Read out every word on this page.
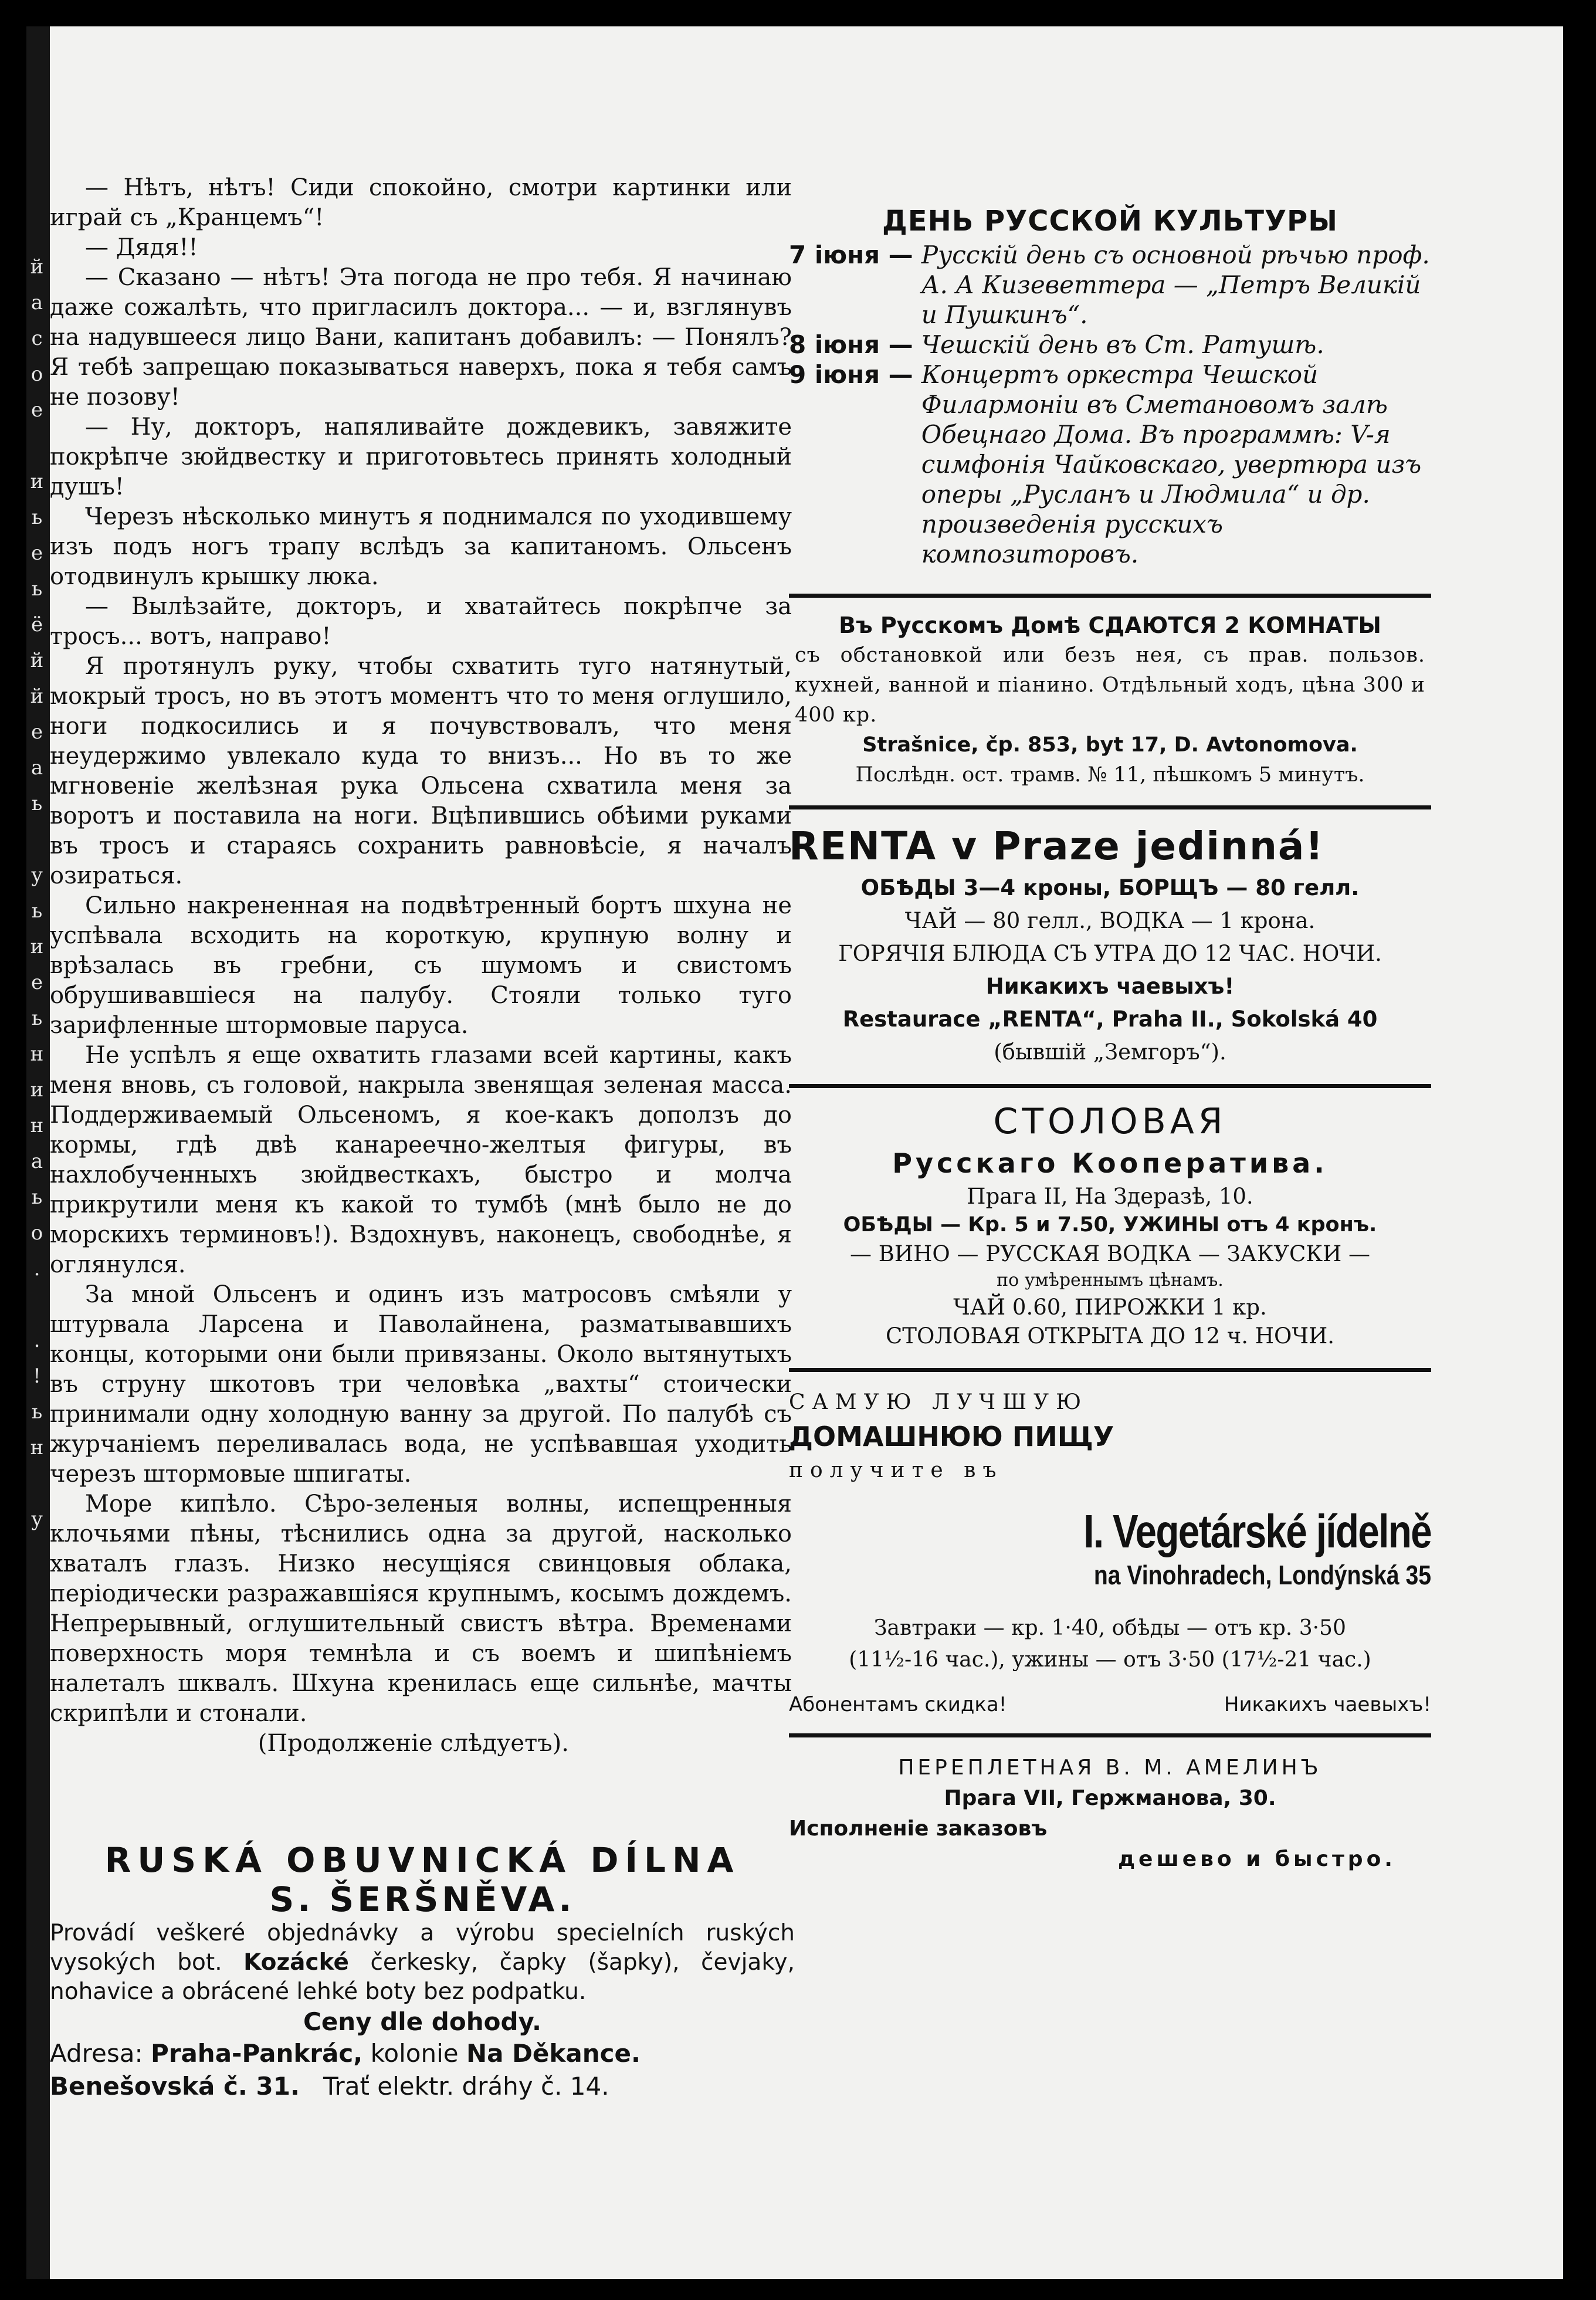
й
а
с
о
е
и
ь
е
ь
ё
й
й
е
а
ь
у
ь
и
е
ь
н
и
н
а
ь
о
.
.
!
ь
н
у

— Нѣтъ, нѣтъ! Сиди спокойно, смотри картинки или играй съ „Кранцемъ“!

— Дядя!!

— Сказано — нѣтъ! Эта погода не про тебя. Я начинаю даже сожалѣть, что пригласилъ доктора... — и, взглянувъ на надувшееся лицо Вани, капитанъ добавилъ: — Понялъ? Я тебѣ запрещаю показываться наверхъ, пока я тебя самъ не позову!

— Ну, докторъ, напяливайте дождевикъ, завяжите покрѣпче зюйдвестку и приготовьтесь принять холодный душъ!

Черезъ нѣсколько минутъ я поднимался по уходившему изъ подъ ногъ трапу вслѣдъ за капитаномъ. Ольсенъ отодвинулъ крышку люка.

— Вылѣзайте, докторъ, и хватайтесь покрѣпче за тросъ... вотъ, направо!

Я протянулъ руку, чтобы схватить туго натянутый, мокрый тросъ, но въ этотъ моментъ что то меня оглушило, ноги подкосились и я почувствовалъ, что меня неудержимо увлекало куда то внизъ... Но въ то же мгновеніе желѣзная рука Ольсена схватила меня за воротъ и поставила на ноги. Вцѣпившись обѣими руками въ тросъ и стараясь сохранить равновѣсіе, я началъ озираться.

Сильно накрененная на подвѣтренный бортъ шхуна не успѣвала всходить на короткую, крупную волну и врѣзалась въ гребни, съ шумомъ и свистомъ обрушивавшіеся на палубу. Стояли только туго зарифленные штормовые паруса.

Не успѣлъ я еще охватить глазами всей картины, какъ меня вновь, съ головой, накрыла звенящая зеленая масса. Поддерживаемый Ольсеномъ, я кое-какъ доползъ до кормы, гдѣ двѣ канареечно-желтыя фигуры, въ нахлобученныхъ зюйдвесткахъ, быстро и молча прикрутили меня къ какой то тумбѣ (мнѣ было не до морскихъ терминовъ!). Вздохнувъ, наконецъ, свободнѣе, я оглянулся.

За мной Ольсенъ и одинъ изъ матросовъ смѣяли у штурвала Ларсена и Паволайнена, разматывавшихъ концы, которыми они были привязаны. Около вытянутыхъ въ струну шкотовъ три человѣка „вахты“ стоически принимали одну холодную ванну за другой. По палубѣ съ журчаніемъ переливалась вода, не успѣвавшая уходить черезъ штормовые шпигаты.

Море кипѣло. Сѣро-зеленыя волны, испещренныя клочьями пѣны, тѣснились одна за другой, насколько хваталъ глазъ. Низко несущіяся свинцовыя облака, періодически разражавшіяся крупнымъ, косымъ дождемъ. Непрерывный, оглушительный свистъ вѣтра. Временами поверхность моря темнѣла и съ воемъ и шипѣніемъ налеталъ шквалъ. Шхуна кренилась еще сильнѣе, мачты скрипѣли и стонали.

(Продолженіе слѣдуетъ).

RUSKÁ OBUVNICKÁ DÍLNA
S. ŠERŠNĚVA.
Provádí veškeré objednávky a výrobu specielních ruských vysokých bot. Kozácké čerkesky, čapky (šapky), čevjaky, nohavice a obrácené lehké boty bez podpatku.
Ceny dle dohody.
Adresa: Praha-Pankrác, kolonie Na Děkance.
Benešovská č. 31. Trať elektr. dráhy č. 14.
ДЕНЬ РУССКОЙ КУЛЬТУРЫ
7 іюня — Русскій день съ основной рѣчью проф. А. А Кизеветтера — „Петръ Великій и Пушкинъ“.
8 іюня — Чешскій день въ Ст. Ратушѣ.
9 іюня — Концертъ оркестра Чешской Филармоніи въ Сметановомъ залѣ Обецнаго Дома. Въ программѣ: V-я симфонія Чайковскаго, увертюра изъ оперы „Русланъ и Людмила“ и др. произведенія русскихъ композиторовъ.
Въ Русскомъ Домѣ СДАЮТСЯ 2 КОМНАТЫ
съ обстановкой или безъ нея, съ прав. пользов. кухней, ванной и піанино. Отдѣльный ходъ, цѣна 300 и 400 кр.
Strašnice, čp. 853, byt 17, D. Avtonomova.
Послѣдн. ост. трамв. № 11, пѣшкомъ 5 минутъ.
RENTA v Praze jedinná!
ОБѢДЫ 3—4 кроны, БОРЩЪ — 80 гелл.
ЧАЙ — 80 гелл., ВОДКА — 1 крона.
ГОРЯЧІЯ БЛЮДА СЪ УТРА ДО 12 ЧАС. НОЧИ.
Никакихъ чаевыхъ!
Restaurace „RENTA“, Praha II., Sokolská 40
(бывшій „Земгоръ“).
СТОЛОВАЯ
Русскаго Кооператива.
Прага II, На Здеразѣ, 10.
ОБѢДЫ — Кр. 5 и 7.50, УЖИНЫ отъ 4 кронъ.
— ВИНО — РУССКАЯ ВОДКА — ЗАКУСКИ —
по умѣреннымъ цѣнамъ.
ЧАЙ 0.60, ПИРОЖКИ 1 кр.
СТОЛОВАЯ ОТКРЫТА ДО 12 ч. НОЧИ.
САМУЮ ЛУЧШУЮ
ДОМАШНЮЮ ПИЩУ
получите въ
I. Vegetárské jídelně
na Vinohradech, Londýnská 35
Завтраки — кр. 1·40, обѣды — отъ кр. 3·50
(11½-16 час.), ужины — отъ 3·50 (17½-21 час.)
Абонентамъ скидка!	Никакихъ чаевыхъ!
ПЕРЕПЛЕТНАЯ В. М. АМЕЛИНЪ
Прага VII, Гержманова, 30.
Исполненіе заказовъ
дешево и быстро.
